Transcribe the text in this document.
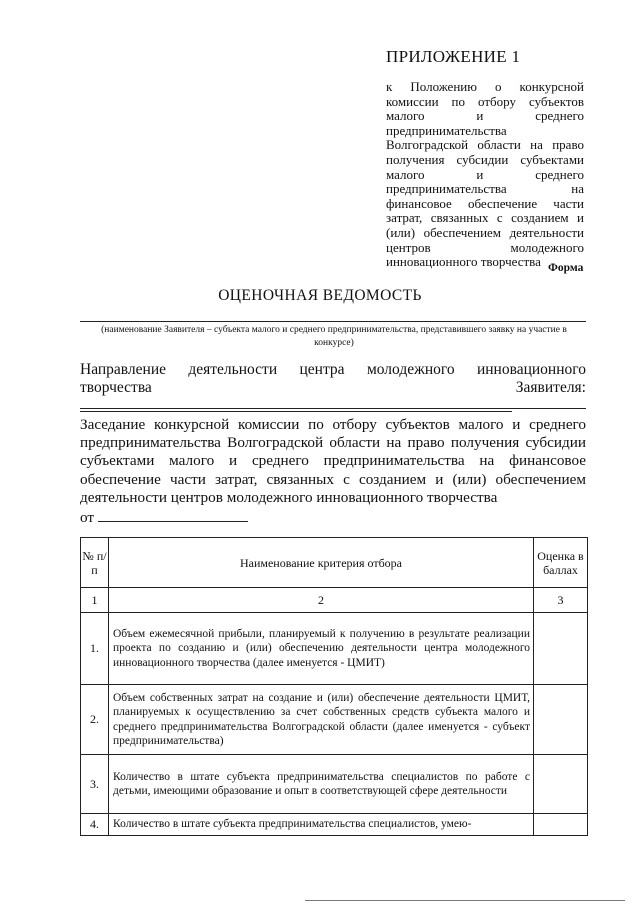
ПРИЛОЖЕНИЕ 1

к Положению о конкурсной комиссии по отбору субъектов малого и среднего предпринимательства Волгоградской области на право получения субсидии субъектами малого и среднего предпринимательства на финансовое обеспечение части затрат, связанных с созданием и (или) обеспечением деятельности центров молодежного инновационного творчества Форма
ОЦЕНОЧНАЯ ВЕДОМОСТЬ
(наименование Заявителя – субъекта малого и среднего предпринимательства, представившего заявку на участие в конкурсе)

Направление деятельности центра молодежного инновационного творчества Заявителя:

Заседание конкурсной комиссии по отбору субъектов малого и среднего предпринимательства Волгоградской области на право получения субсидии субъектами малого и среднего предпринимательства на финансовое обеспечение части затрат, связанных с созданием и (или) обеспечением деятельности центров молодежного инновационного творчества
от

№ п/п	Наименование критерия отбора	Оценка в баллах
1	2	3
1.	Объем ежемесячной прибыли, планируемый к получению в результате реализации проекта по созданию и (или) обеспечению деятельности центра молодежного инновационного творчества (далее именуется - ЦМИТ)	
2.	Объем собственных затрат на создание и (или) обеспечение деятельности ЦМИТ, планируемых к осуществлению за счет собственных средств субъекта малого и среднего предпринимательства Волгоградской области (далее именуется - субъект предпринимательства)	
3.	Количество в штате субъекта предпринимательства специалистов по работе с детьми, имеющими образование и опыт в соответствующей сфере деятельности	
4.	Количество в штате субъекта предпринимательства специалистов, умею-	
